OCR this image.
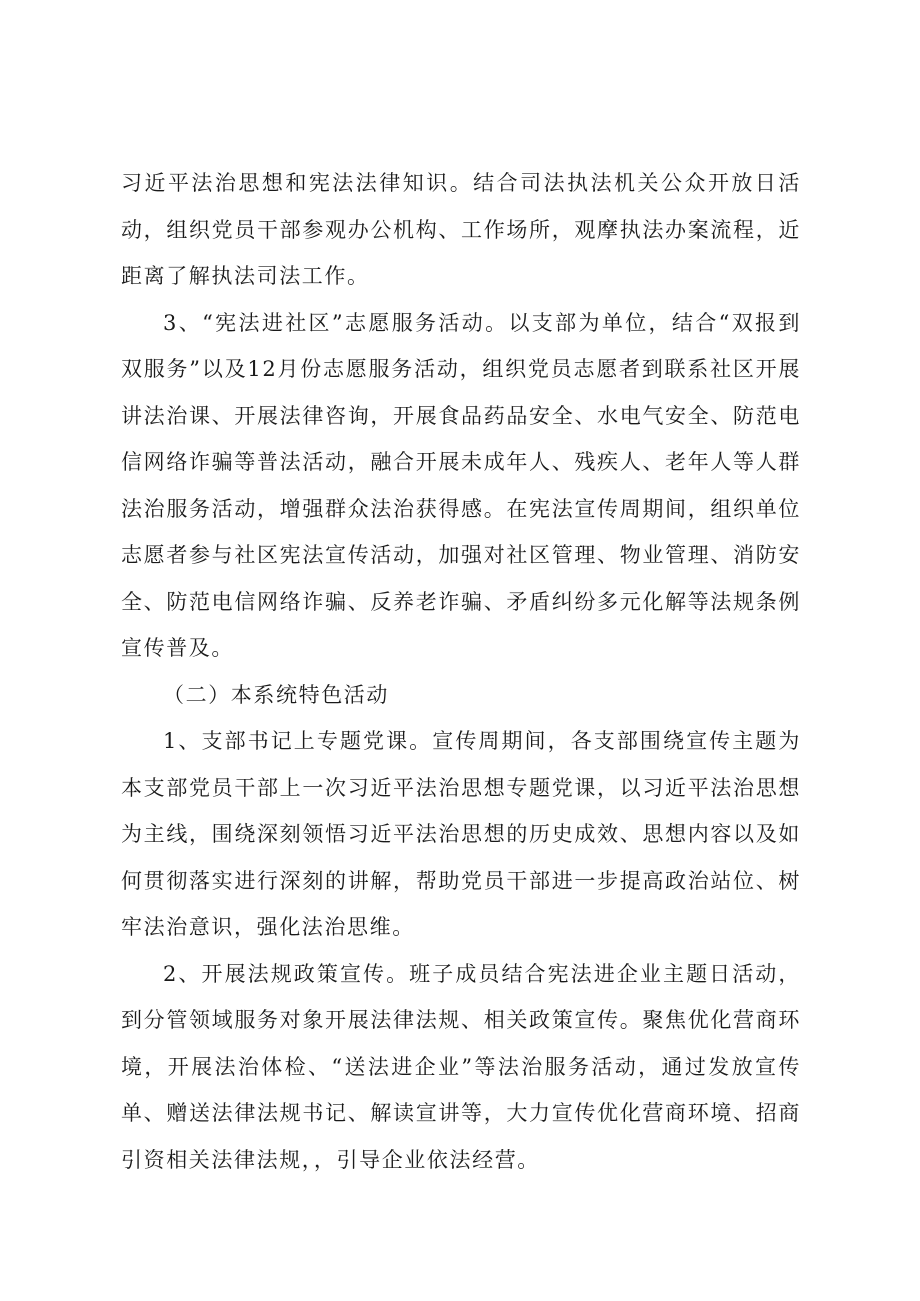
习近平法治思想和宪法法律知识。结合司法执法机关公众开放日活动，组织党员干部参观办公机构、工作场所，观摩执法办案流程，近距离了解执法司法工作。

3、“宪法进社区”志愿服务活动。以支部为单位，结合“双报到双服务”以及12月份志愿服务活动，组织党员志愿者到联系社区开展讲法治课、开展法律咨询，开展食品药品安全、水电气安全、防范电信网络诈骗等普法活动，融合开展未成年人、残疾人、老年人等人群法治服务活动，增强群众法治获得感。在宪法宣传周期间，组织单位志愿者参与社区宪法宣传活动，加强对社区管理、物业管理、消防安全、防范电信网络诈骗、反养老诈骗、矛盾纠纷多元化解等法规条例宣传普及。

（二）本系统特色活动

1、支部书记上专题党课。宣传周期间，各支部围绕宣传主题为本支部党员干部上一次习近平法治思想专题党课，以习近平法治思想为主线，围绕深刻领悟习近平法治思想的历史成效、思想内容以及如何贯彻落实进行深刻的讲解，帮助党员干部进一步提高政治站位、树牢法治意识，强化法治思维。

2、开展法规政策宣传。班子成员结合宪法进企业主题日活动，到分管领域服务对象开展法律法规、相关政策宣传。聚焦优化营商环境，开展法治体检、“送法进企业”等法治服务活动，通过发放宣传单、赠送法律法规书记、解读宣讲等，大力宣传优化营商环境、招商引资相关法律法规，，引导企业依法经营。
